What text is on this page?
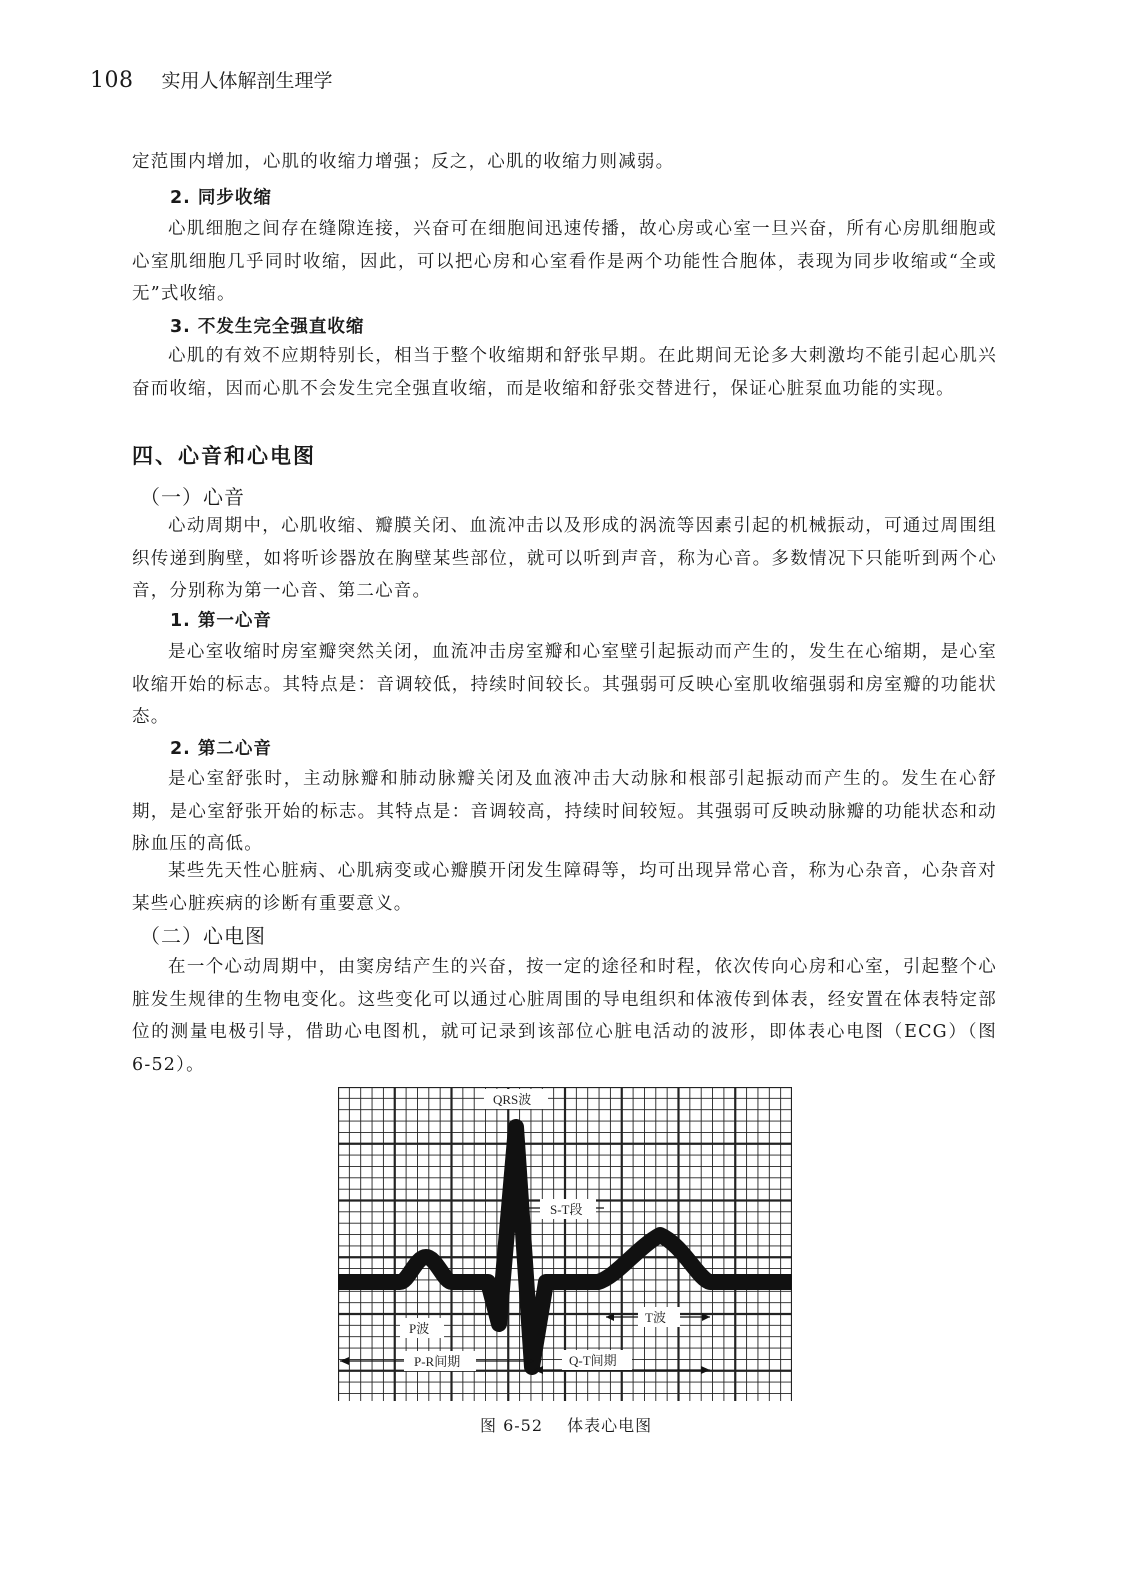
108 实用人体解剖生理学
定范围内增加，心肌的收缩力增强；反之，心肌的收缩力则减弱。
2. 同步收缩
心肌细胞之间存在缝隙连接，兴奋可在细胞间迅速传播，故心房或心室一旦兴奋，所有心房肌细胞或心室肌细胞几乎同时收缩，因此，可以把心房和心室看作是两个功能性合胞体，表现为同步收缩或“全或无”式收缩。
3. 不发生完全强直收缩
心肌的有效不应期特别长，相当于整个收缩期和舒张早期。在此期间无论多大刺激均不能引起心肌兴奋而收缩，因而心肌不会发生完全强直收缩，而是收缩和舒张交替进行，保证心脏泵血功能的实现。
四、心音和心电图
（一）心音
心动周期中，心肌收缩、瓣膜关闭、血流冲击以及形成的涡流等因素引起的机械振动，可通过周围组织传递到胸壁，如将听诊器放在胸壁某些部位，就可以听到声音，称为心音。多数情况下只能听到两个心音，分别称为第一心音、第二心音。
1. 第一心音
是心室收缩时房室瓣突然关闭，血流冲击房室瓣和心室壁引起振动而产生的，发生在心缩期，是心室收缩开始的标志。其特点是：音调较低，持续时间较长。其强弱可反映心室肌收缩强弱和房室瓣的功能状态。
2. 第二心音
是心室舒张时，主动脉瓣和肺动脉瓣关闭及血液冲击大动脉和根部引起振动而产生的。发生在心舒期，是心室舒张开始的标志。其特点是：音调较高，持续时间较短。其强弱可反映动脉瓣的功能状态和动脉血压的高低。
某些先天性心脏病、心肌病变或心瓣膜开闭发生障碍等，均可出现异常心音，称为心杂音，心杂音对某些心脏疾病的诊断有重要意义。
（二）心电图
在一个心动周期中，由窦房结产生的兴奋，按一定的途径和时程，依次传向心房和心室，引起整个心脏发生规律的生物电变化。这些变化可以通过心脏周围的导电组织和体液传到体表，经安置在体表特定部位的测量电极引导，借助心电图机，就可记录到该部位心脏电活动的波形，即体表心电图（ECG）（图 6-52）。
QRS波
S-T段
P波
T波
P-R间期	Q-T间期
图 6-52 体表心电图
